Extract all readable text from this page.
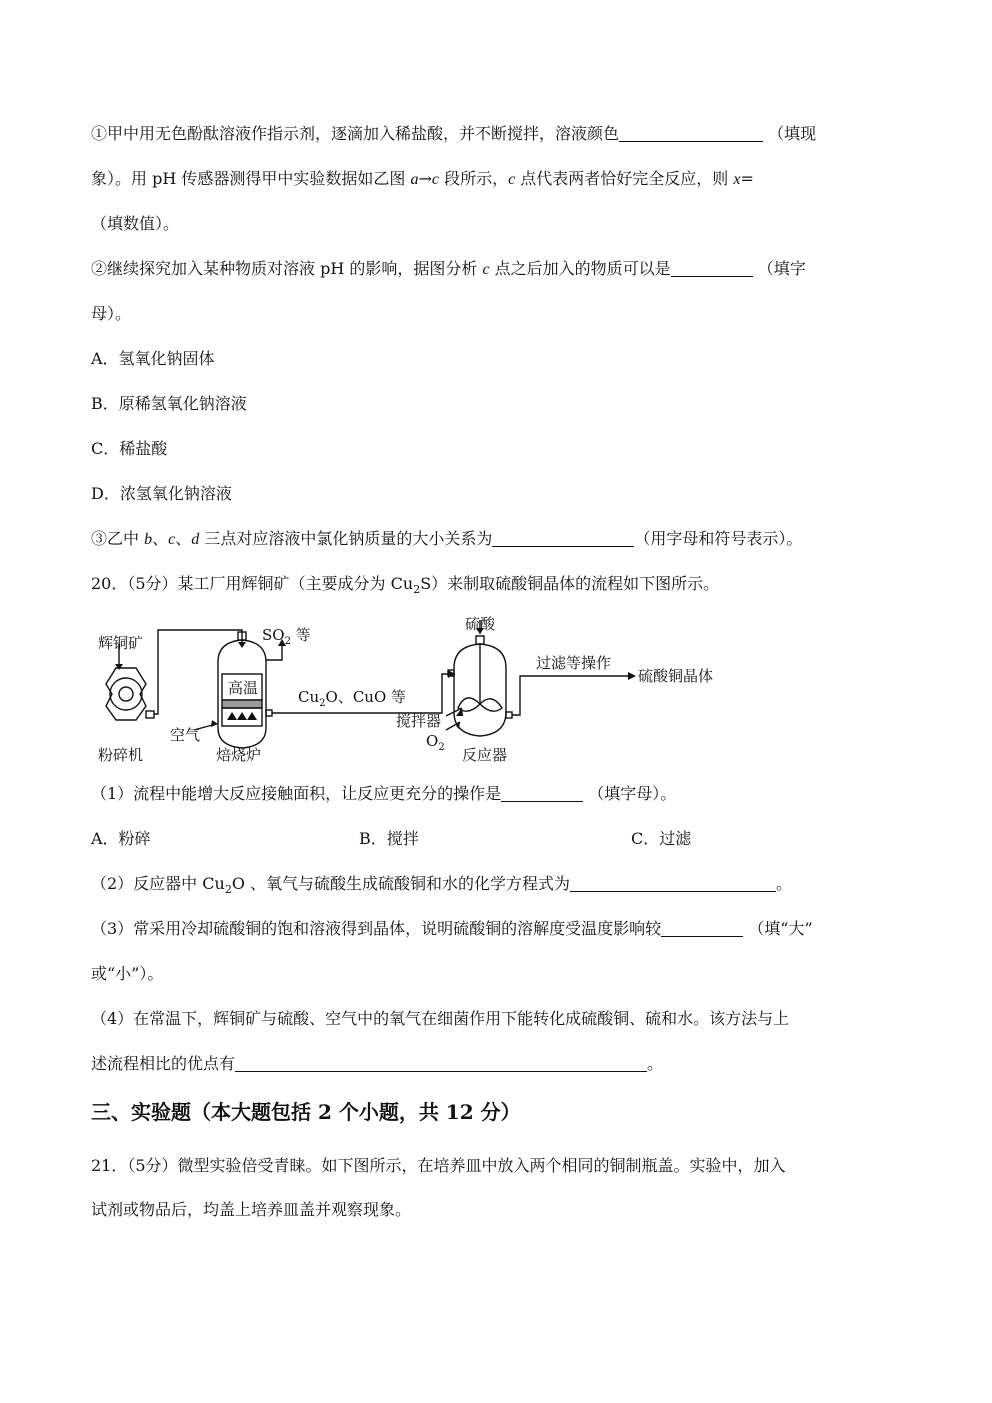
①甲中用无色酚酞溶液作指示剂，逐滴加入稀盐酸，并不断搅拌，溶液颜色	（填现
象）。用 pH 传感器测得甲中实验数据如乙图 a→c 段所示，c 点代表两者恰好完全反应，则 x=
（填数值）。
②继续探究加入某种物质对溶液 pH 的影响，据图分析 c 点之后加入的物质可以是	（填字
母）。
A．氢氧化钠固体
B．原稀氢氧化钠溶液
C．稀盐酸
D．浓氢氧化钠溶液
③乙中 b、c、d 三点对应溶液中氯化钠质量的大小关系为	（用字母和符号表示）。
20．（5分）某工厂用辉铜矿（主要成分为 $Cu_2S$）来制取硫酸铜晶体的流程如下图所示。
辉铜矿
粉碎机
$SO_2$ 等
高温
空气
焙烧炉
$Cu_2O$、CuO 等
硫酸
搅拌器
$O_2$ 反应器
过滤等操作
硫酸铜晶体
（1）流程中能增大反应接触面积，让反应更充分的操作是	（填字母）。
A．粉碎	B．搅拌	C．过滤
（2）反应器中 $Cu_2O$ 、氧气与硫酸生成硫酸铜和水的化学方程式为	。
（3）常采用冷却硫酸铜的饱和溶液得到晶体，说明硫酸铜的溶解度受温度影响较	（填“大”
或“小”）。
（4）在常温下，辉铜矿与硫酸、空气中的氧气在细菌作用下能转化成硫酸铜、硫和水。该方法与上
述流程相比的优点有	。
三、实验题（本大题包括 2 个小题，共 12 分）
21．（5分）微型实验倍受青睐。如下图所示，在培养皿中放入两个相同的铜制瓶盖。实验中，加入
试剂或物品后，均盖上培养皿盖并观察现象。
